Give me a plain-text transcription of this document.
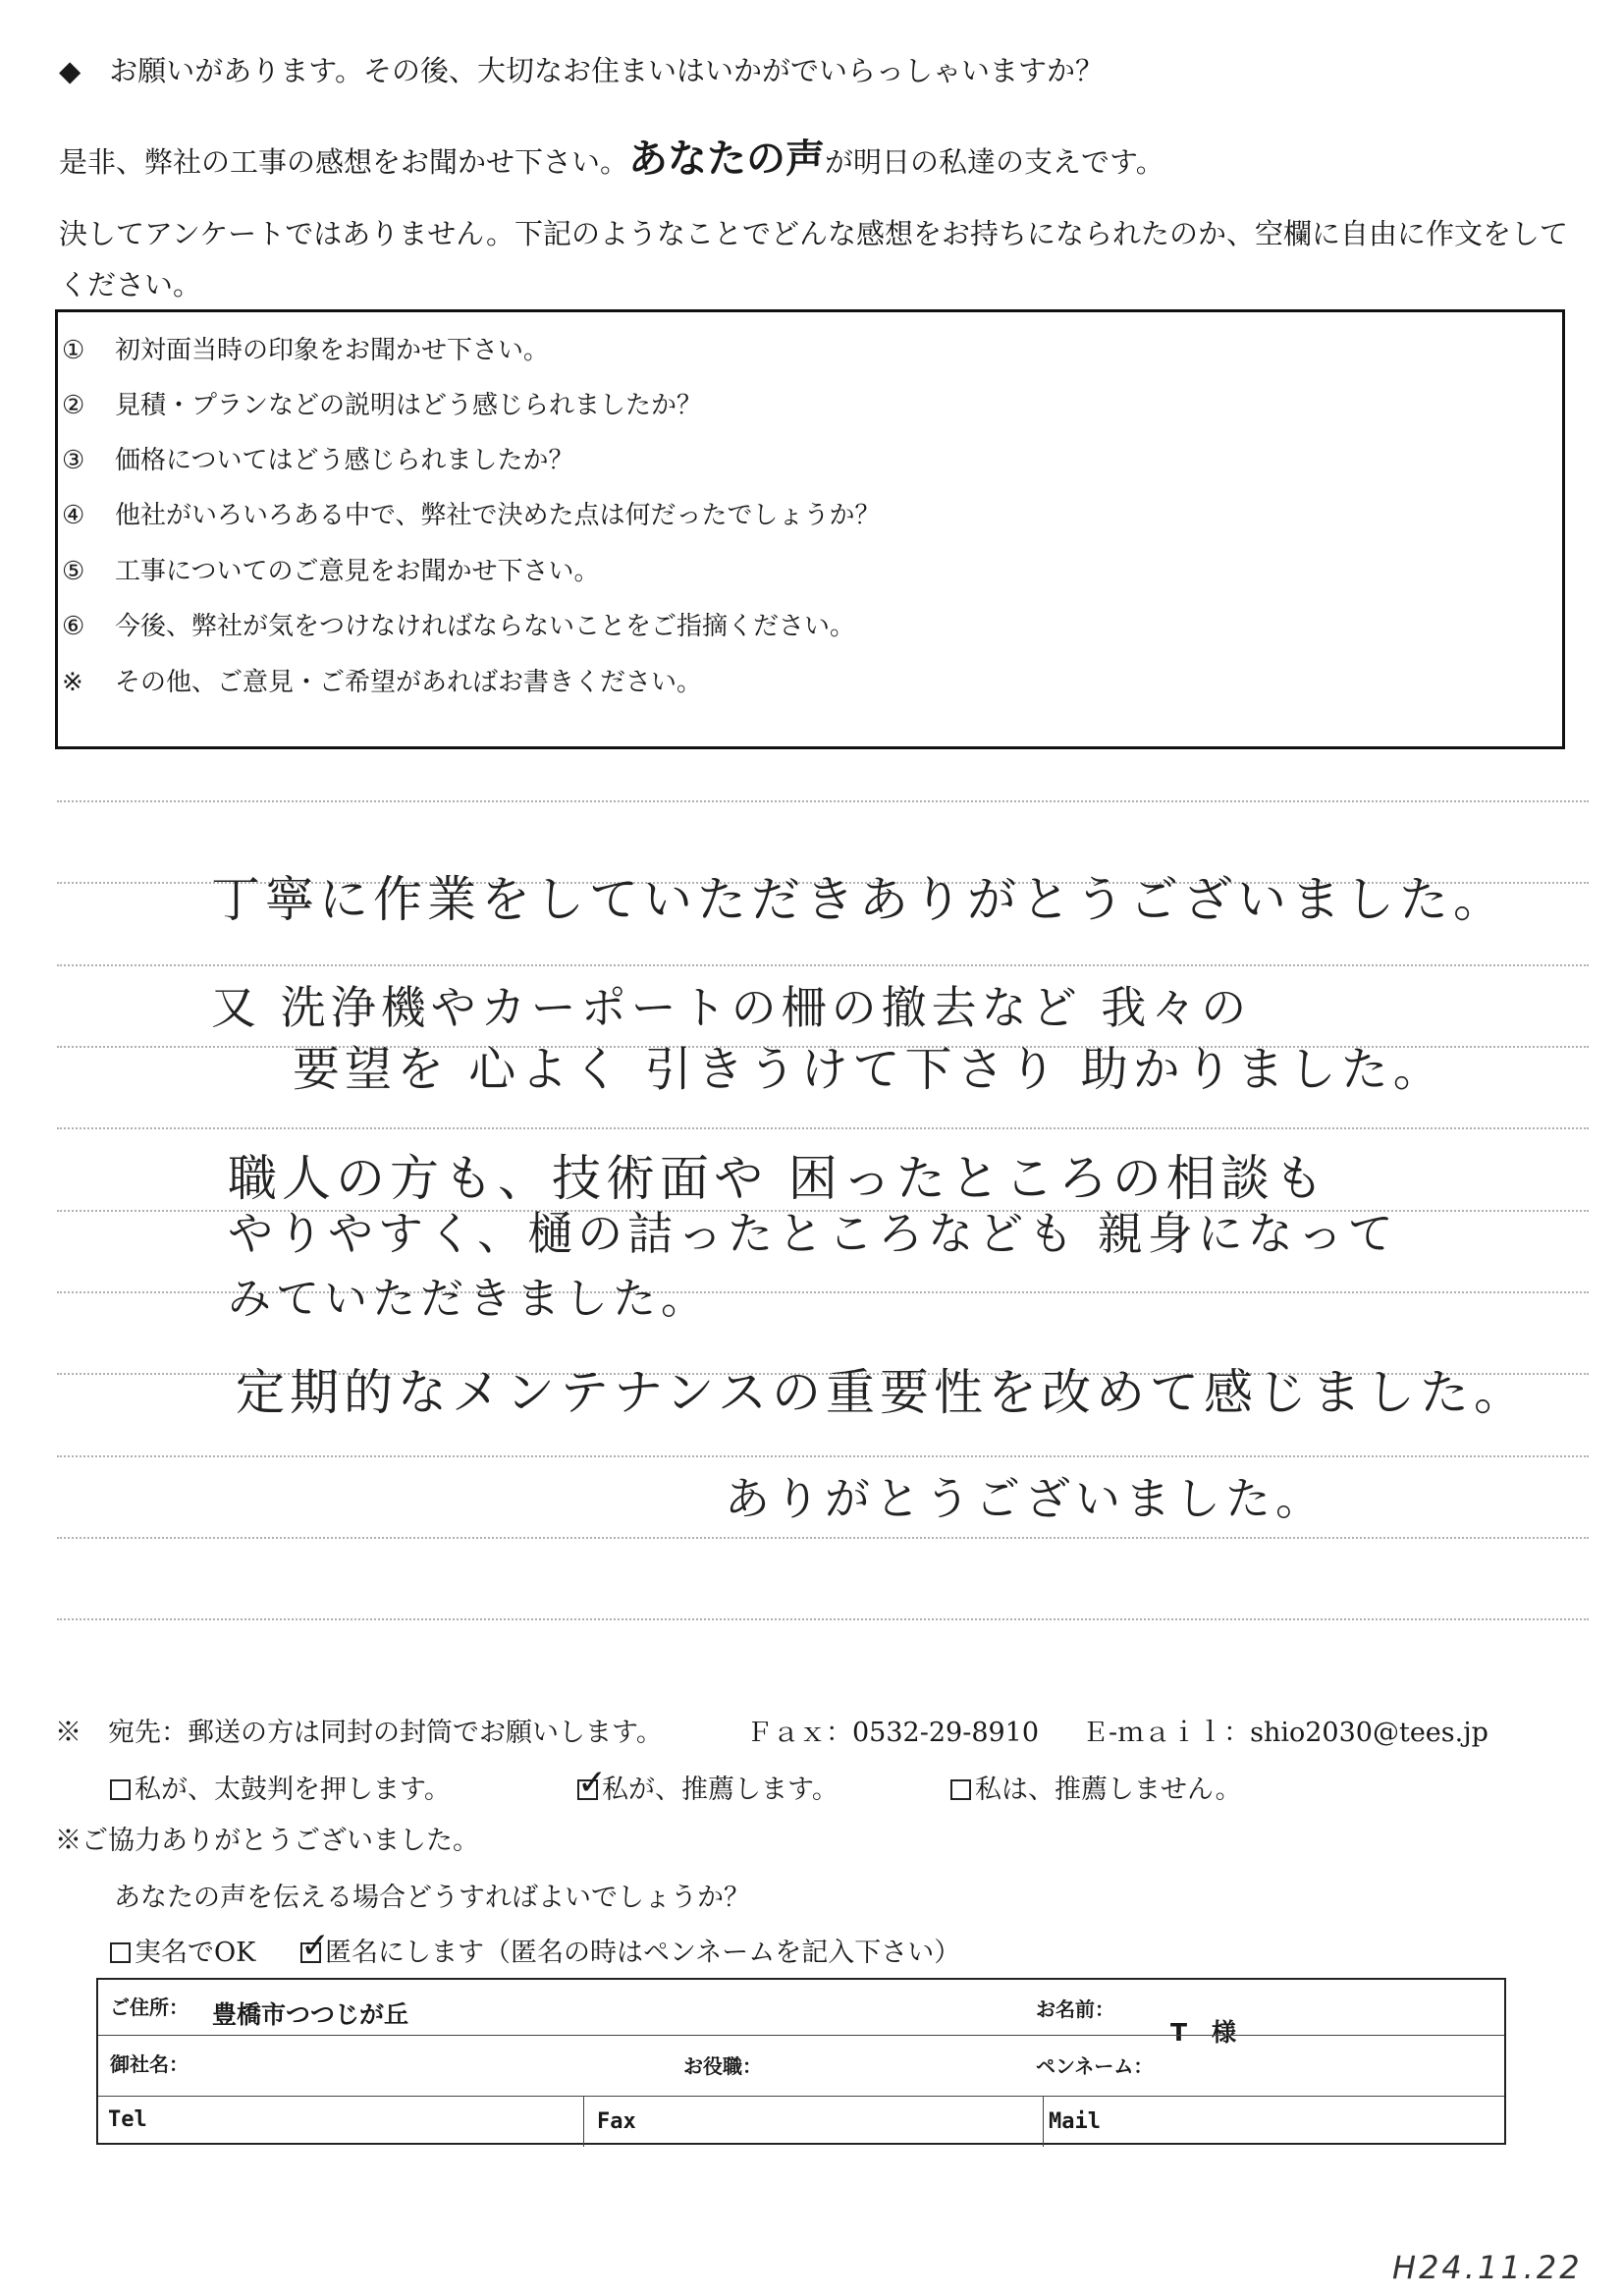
◆　お願いがあります。その後、大切なお住まいはいかがでいらっしゃいますか？
是非、弊社の工事の感想をお聞かせ下さい。あなたの声が明日の私達の支えです。
決してアンケートではありません。下記のようなことでどんな感想をお持ちになられたのか、空欄に自由に作文をして
ください。
① 初対面当時の印象をお聞かせ下さい。
② 見積・プランなどの説明はどう感じられましたか？
③ 価格についてはどう感じられましたか？
④ 他社がいろいろある中で、弊社で決めた点は何だったでしょうか？
⑤ 工事についてのご意見をお聞かせ下さい。
⑥ 今後、弊社が気をつけなければならないことをご指摘ください。
※ その他、ご意見・ご希望があればお書きください。
丁寧に作業をしていただきありがとうございました。
又 洗浄機やカーポートの柵の撤去など 我々の
要望を 心よく 引きうけて下さり 助かりました。
職人の方も、技術面や 困ったところの相談も
やりやすく、樋の詰ったところなども 親身になって
みていただきました。
定期的なメンテナンスの重要性を改めて感じました。
ありがとうございました。
※　宛先：郵送の方は同封の封筒でお願いします。	Ｆａｘ：0532-29-8910 Ｅ-ｍａｉｌ：shio2030@tees.jp
私が、太鼓判を押します。	✓
私が、推薦します。	私は、推薦しません。
※ご協力ありがとうございました。
あなたの声を伝える場合どうすればよいでしょうか？
実名でOK ✓
匿名にします（匿名の時はペンネームを記入下さい）
ご住所： 豊橋市つつじが丘	お名前：
T　様
御社名：	お役職：	ペンネーム：
Tel	Fax	Mail
H24.11.22
